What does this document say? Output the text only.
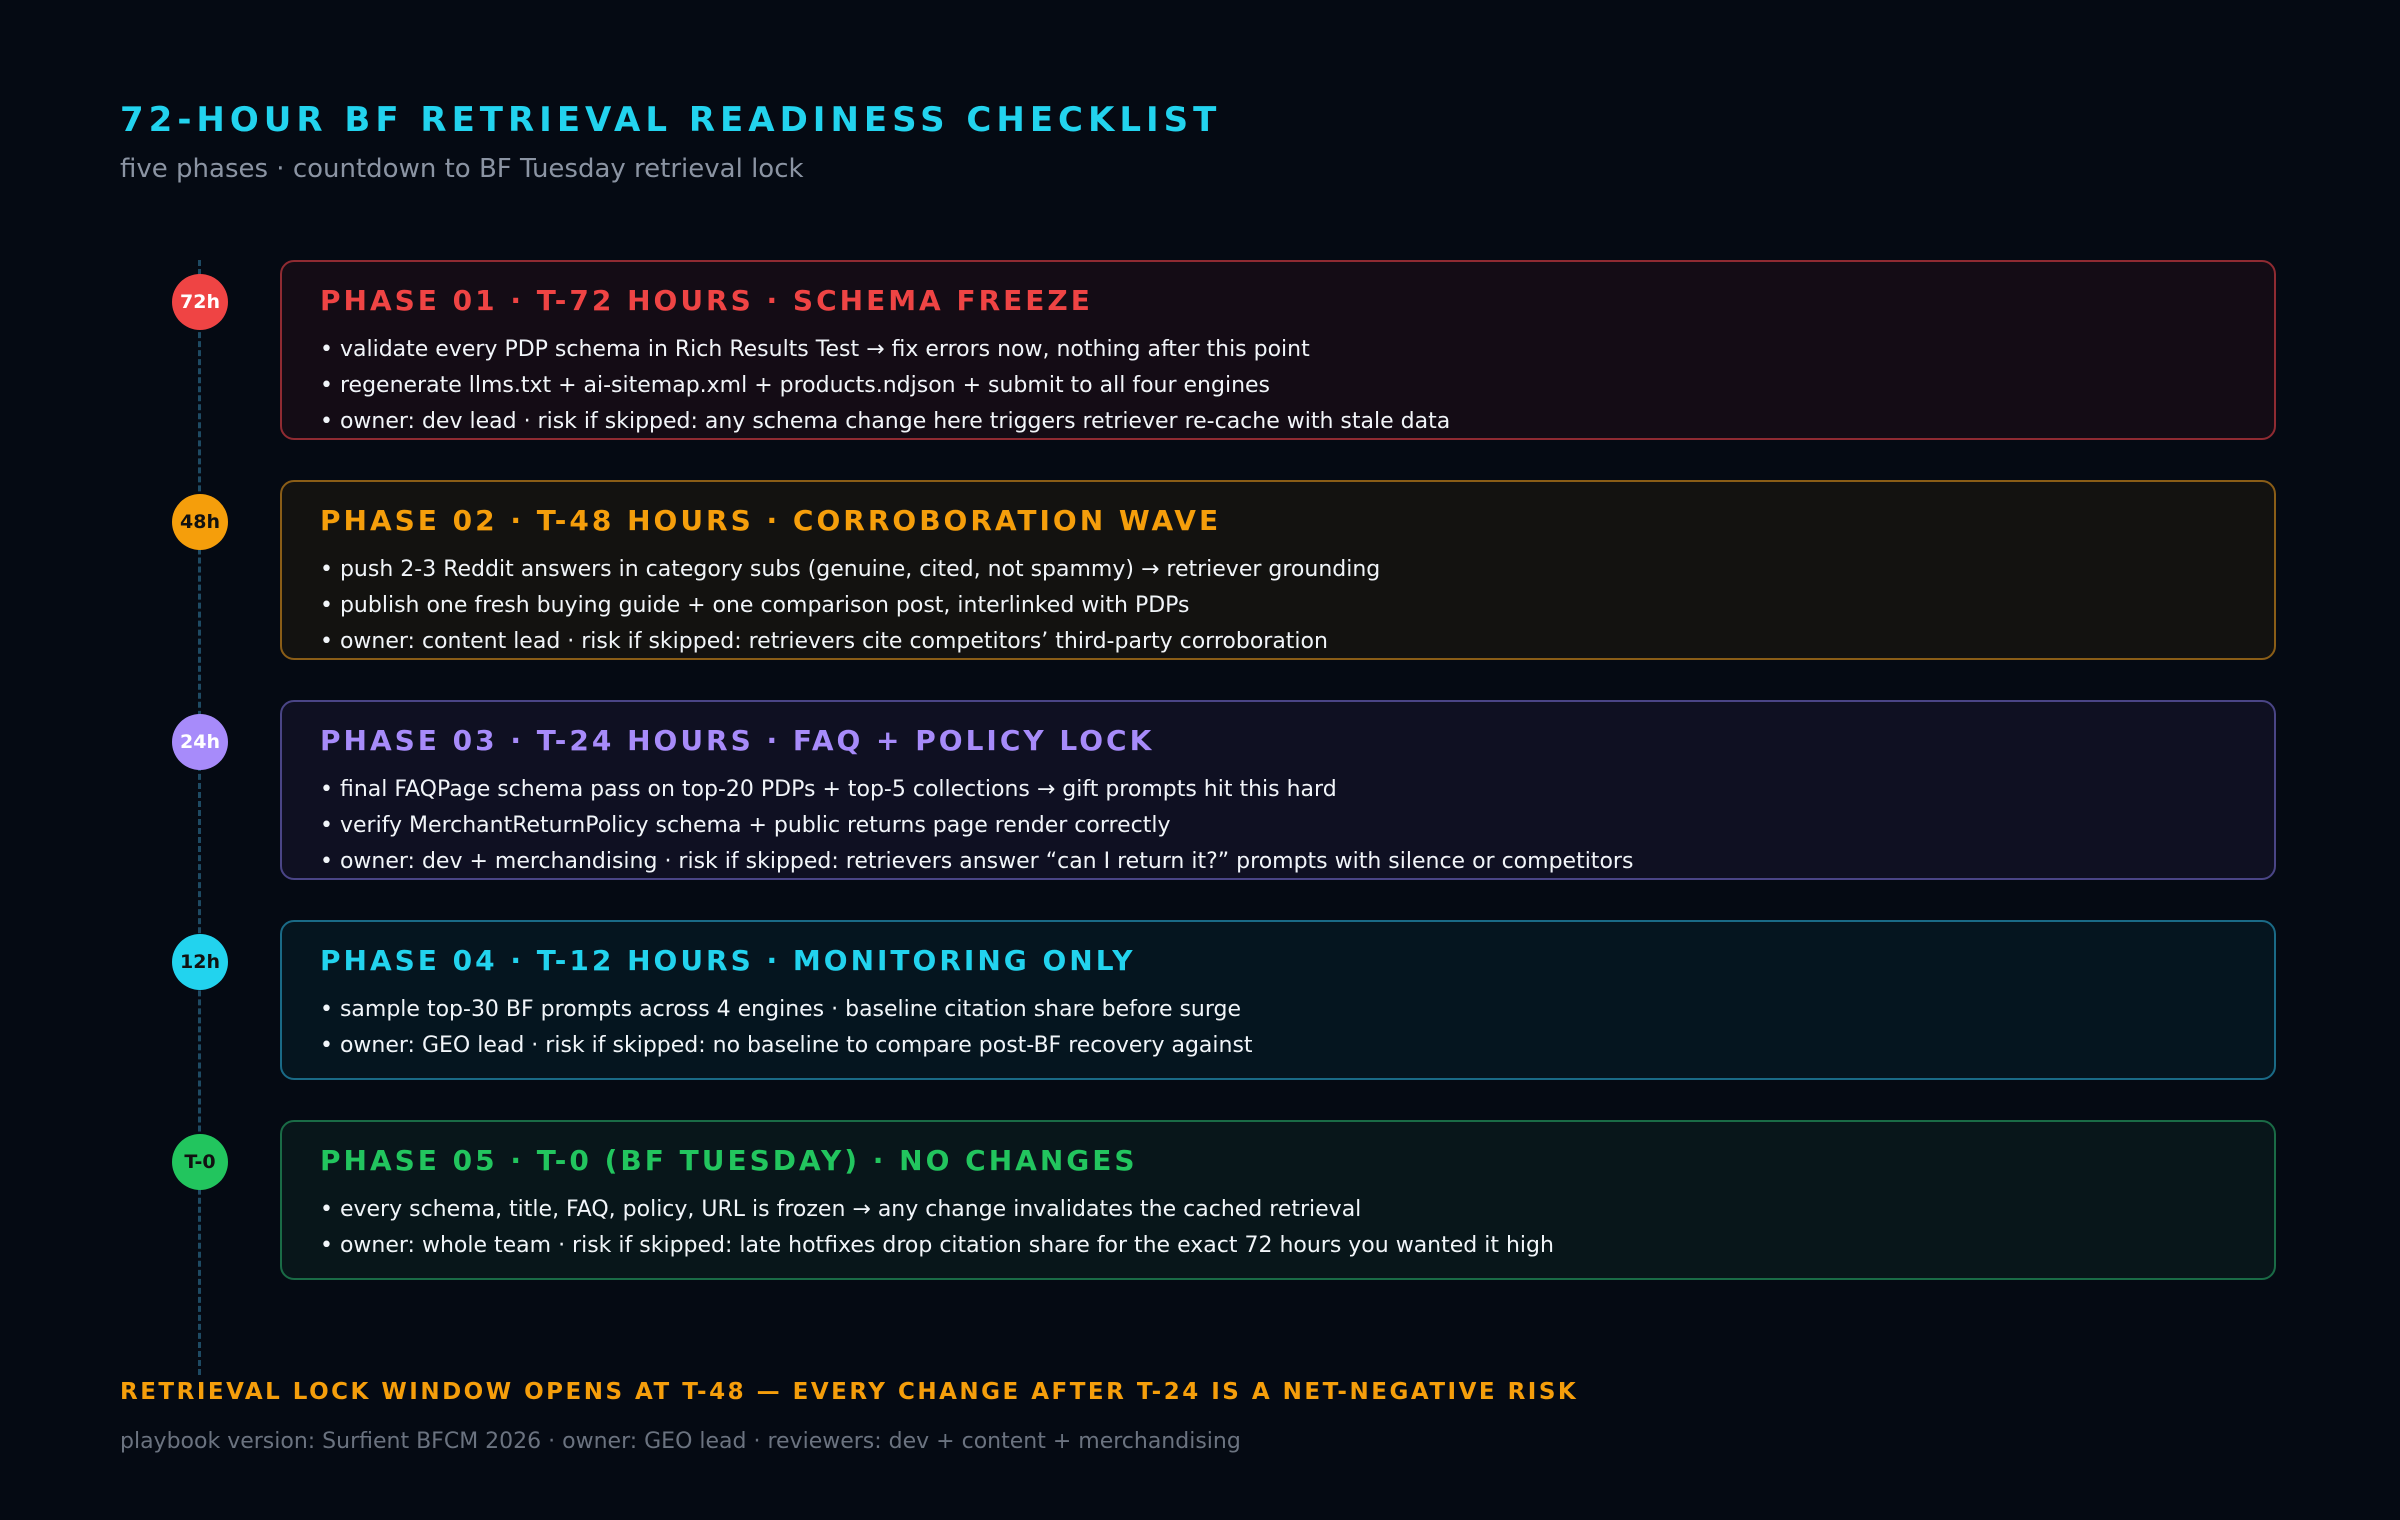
72-HOUR BF RETRIEVAL READINESS CHECKLIST

five phases · countdown to BF Tuesday retrieval lock

72h	PHASE 01 · T-72 HOURS · SCHEMA FREEZE
• validate every PDP schema in Rich Results Test → fix errors now, nothing after this point
• regenerate llms.txt + ai-sitemap.xml + products.ndjson + submit to all four engines
• owner: dev lead · risk if skipped: any schema change here triggers retriever re-cache with stale data
48h	PHASE 02 · T-48 HOURS · CORROBORATION WAVE
• push 2-3 Reddit answers in category subs (genuine, cited, not spammy) → retriever grounding
• publish one fresh buying guide + one comparison post, interlinked with PDPs
• owner: content lead · risk if skipped: retrievers cite competitors’ third-party corroboration
24h	PHASE 03 · T-24 HOURS · FAQ + POLICY LOCK
• final FAQPage schema pass on top-20 PDPs + top-5 collections → gift prompts hit this hard
• verify MerchantReturnPolicy schema + public returns page render correctly
• owner: dev + merchandising · risk if skipped: retrievers answer “can I return it?” prompts with silence or competitors
12h	PHASE 04 · T-12 HOURS · MONITORING ONLY
• sample top-30 BF prompts across 4 engines · baseline citation share before surge
• owner: GEO lead · risk if skipped: no baseline to compare post-BF recovery against
T-0	PHASE 05 · T-0 (BF TUESDAY) · NO CHANGES
• every schema, title, FAQ, policy, URL is frozen → any change invalidates the cached retrieval
• owner: whole team · risk if skipped: late hotfixes drop citation share for the exact 72 hours you wanted it high
RETRIEVAL LOCK WINDOW OPENS AT T-48 — EVERY CHANGE AFTER T-24 IS A NET-NEGATIVE RISK
playbook version: Surfient BFCM 2026 · owner: GEO lead · reviewers: dev + content + merchandising
